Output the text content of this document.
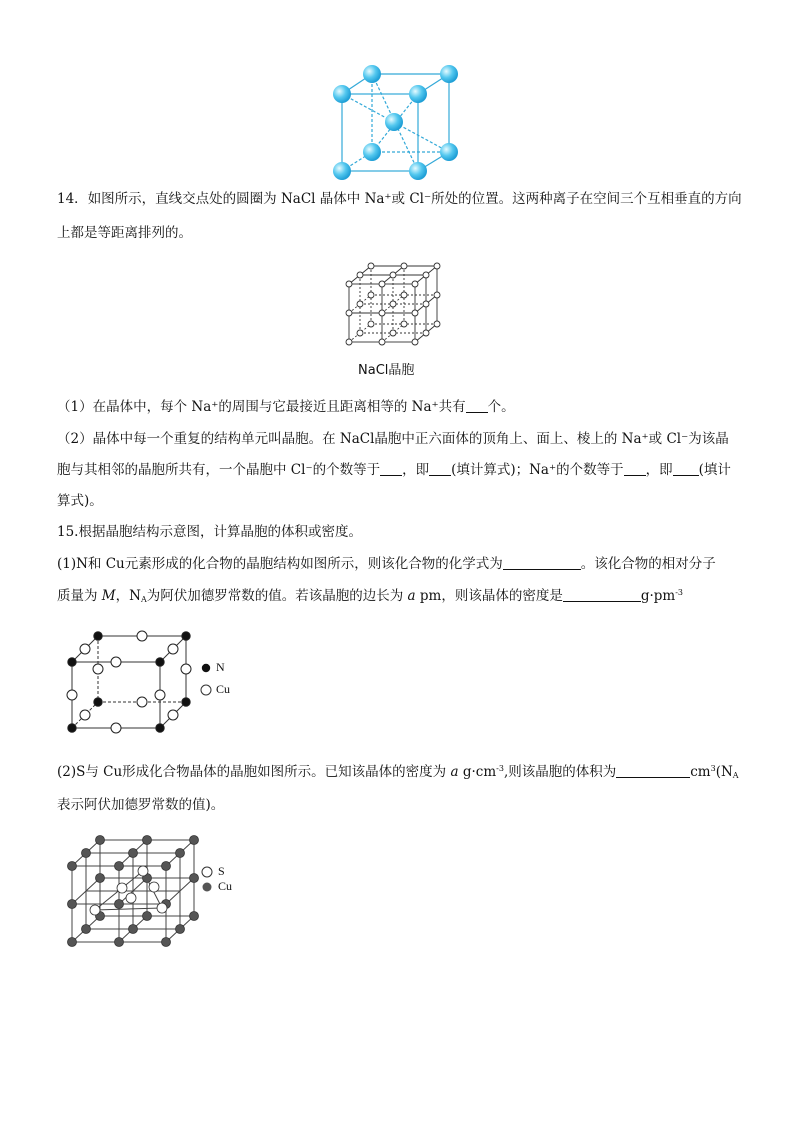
14．如图所示，直线交点处的圆圈为 NaCl 晶体中 Na⁺或 Cl⁻所处的位置。这两种离子在空间三个互相垂直的方向
上都是等距离排列的。
NaCl晶胞
（1）在晶体中，每个 Na⁺的周围与它最接近且距离相等的 Na⁺共有 个。
（2）晶体中每一个重复的结构单元叫晶胞。在 NaCl晶胞中正六面体的顶角上、面上、棱上的 Na⁺或 Cl⁻为该晶
胞与其相邻的晶胞所共有，一个晶胞中 Cl⁻的个数等于 ，即 (填计算式)；Na⁺的个数等于 ，即 (填计
算式)。
15.根据晶胞结构示意图，计算晶胞的体积或密度。
(1)N和 Cu元素形成的化合物的晶胞结构如图所示，则该化合物的化学式为	。该化合物的相对分子
质量为 M，$N_A$为阿伏加德罗常数的值。若该晶胞的边长为 a pm，则该晶体的密度是	$g\cdot pm^{-3}$
N
Cu
(2)S与 Cu形成化合物晶体的晶胞如图所示。已知该晶体的密度为 a $g\cdot cm^{-3}$,则该晶胞的体积为	$cm^3(N_A$
表示阿伏加德罗常数的值)。
S
Cu
